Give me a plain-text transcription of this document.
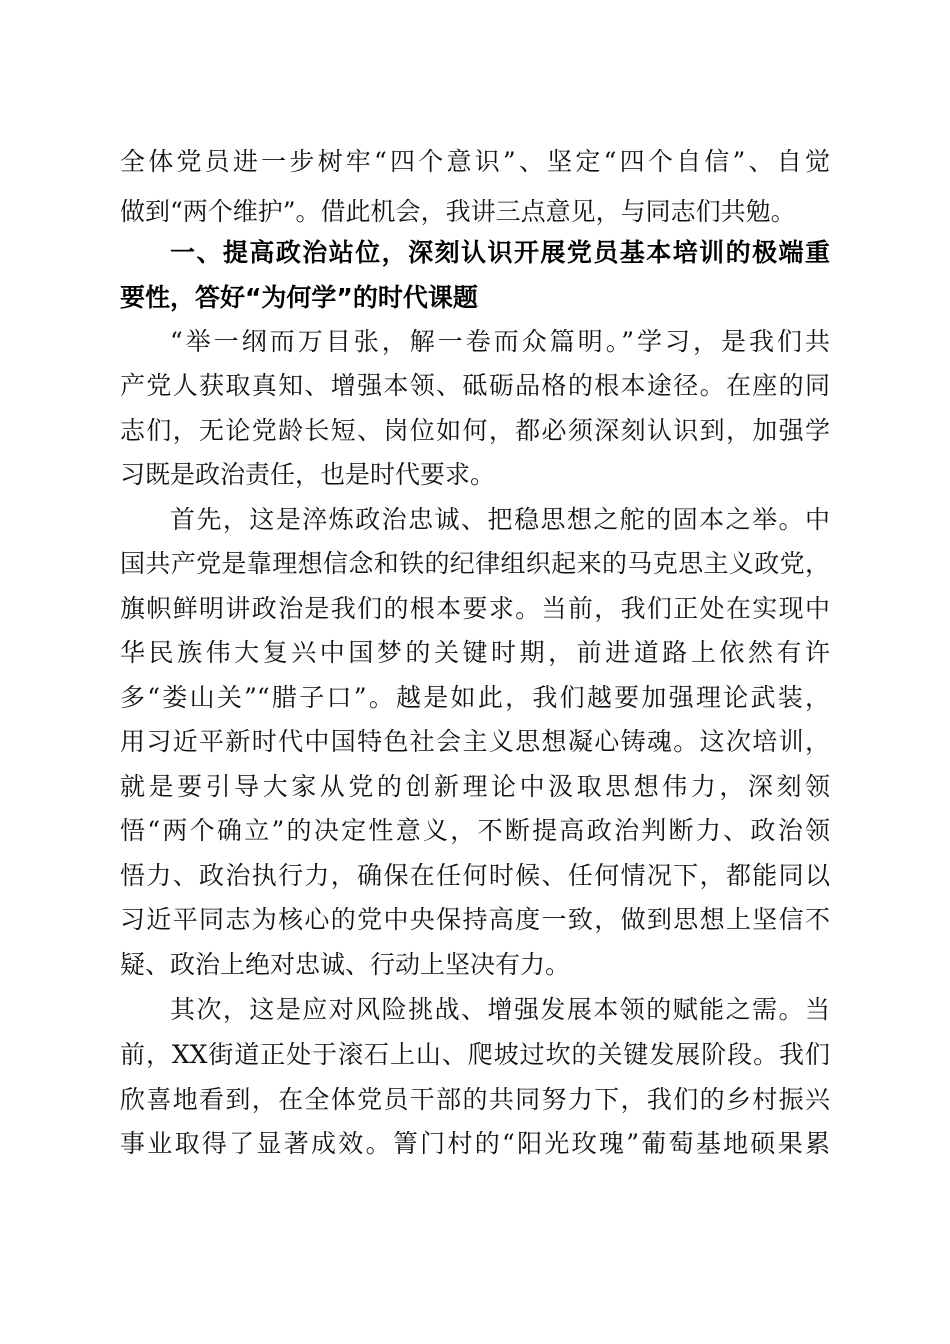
全体党员进一步树牢“四个意识”、坚定“四个自信”、自觉
做到“两个维护”。借此机会，我讲三点意见，与同志们共勉。
一、提高政治站位，深刻认识开展党员基本培训的极端重
要性，答好“为何学”的时代课题
“举一纲而万目张，解一卷而众篇明。”学习，是我们共
产党人获取真知、增强本领、砥砺品格的根本途径。在座的同
志们，无论党龄长短、岗位如何，都必须深刻认识到，加强学
习既是政治责任，也是时代要求。
首先，这是淬炼政治忠诚、把稳思想之舵的固本之举。中
国共产党是靠理想信念和铁的纪律组织起来的马克思主义政党，
旗帜鲜明讲政治是我们的根本要求。当前，我们正处在实现中
华民族伟大复兴中国梦的关键时期，前进道路上依然有许
多“娄山关”“腊子口”。越是如此，我们越要加强理论武装，
用习近平新时代中国特色社会主义思想凝心铸魂。这次培训，
就是要引导大家从党的创新理论中汲取思想伟力，深刻领
悟“两个确立”的决定性意义，不断提高政治判断力、政治领
悟力、政治执行力，确保在任何时候、任何情况下，都能同以
习近平同志为核心的党中央保持高度一致，做到思想上坚信不
疑、政治上绝对忠诚、行动上坚决有力。
其次，这是应对风险挑战、增强发展本领的赋能之需。当
前，XX街道正处于滚石上山、爬坡过坎的关键发展阶段。我们
欣喜地看到，在全体党员干部的共同努力下，我们的乡村振兴
事业取得了显著成效。箐门村的“阳光玫瑰”葡萄基地硕果累
